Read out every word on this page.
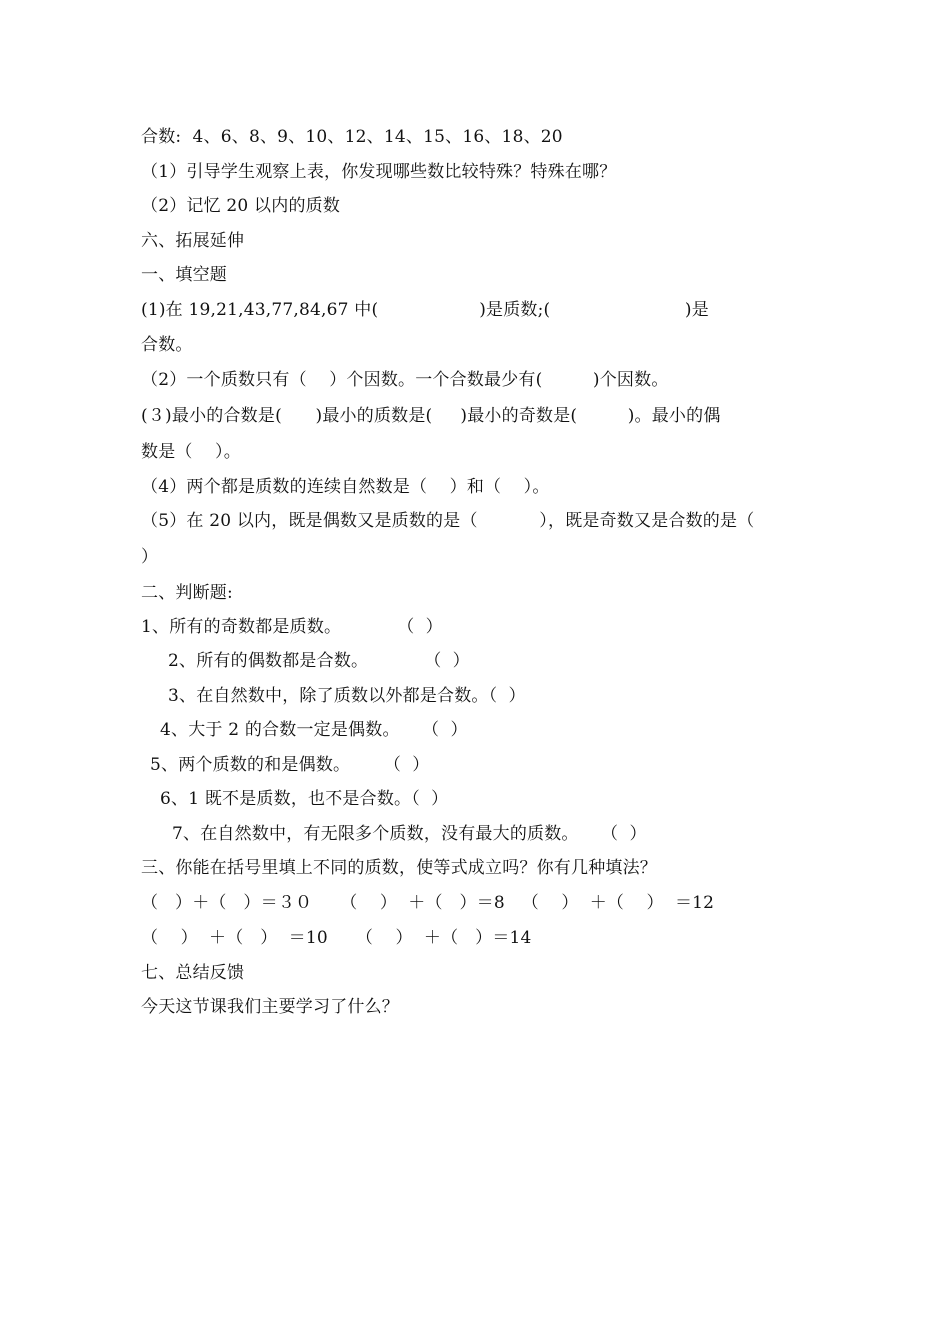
合数:  4、6、8、9、10、12、14、15、16、18、20
（1）引导学生观察上表，你发现哪些数比较特殊？特殊在哪？
（2）记忆 20 以内的质数
六、拓展延伸
一、填空题
(1)在 19,21,43,77,84,67 中(                  )是质数;(                        )是
合数。
（2）一个质数只有（    ）个因数。一个合数最少有(         )个因数。
(３)最小的合数是(      )最小的质数是(     )最小的奇数是(         )。最小的偶
数是（    ）。
（4）两个都是质数的连续自然数是（    ）和（    ）。
（5）在 20 以内，既是偶数又是质数的是（           ），既是奇数又是合数的是（
）
二、判断题:
1、所有的奇数都是质数。          （  ）
2、所有的偶数都是合数。          （  ）
3、在自然数中，除了质数以外都是合数。（  ）
4、大于 2 的合数一定是偶数。    （  ）
5、两个质数的和是偶数。      （  ）
6、1 既不是质数，也不是合数。（  ）
7、在自然数中，有无限多个质数，没有最大的质数。    （  ）
三、你能在括号里填上不同的质数，使等式成立吗？你有几种填法？
（   ）＋（   ）＝３０     （    ）  ＋（   ）＝8   （    ）  ＋（    ）  ＝12
（    ）  ＋（   ）  ＝10     （    ）  ＋（   ）＝14
七、总结反馈
今天这节课我们主要学习了什么？
